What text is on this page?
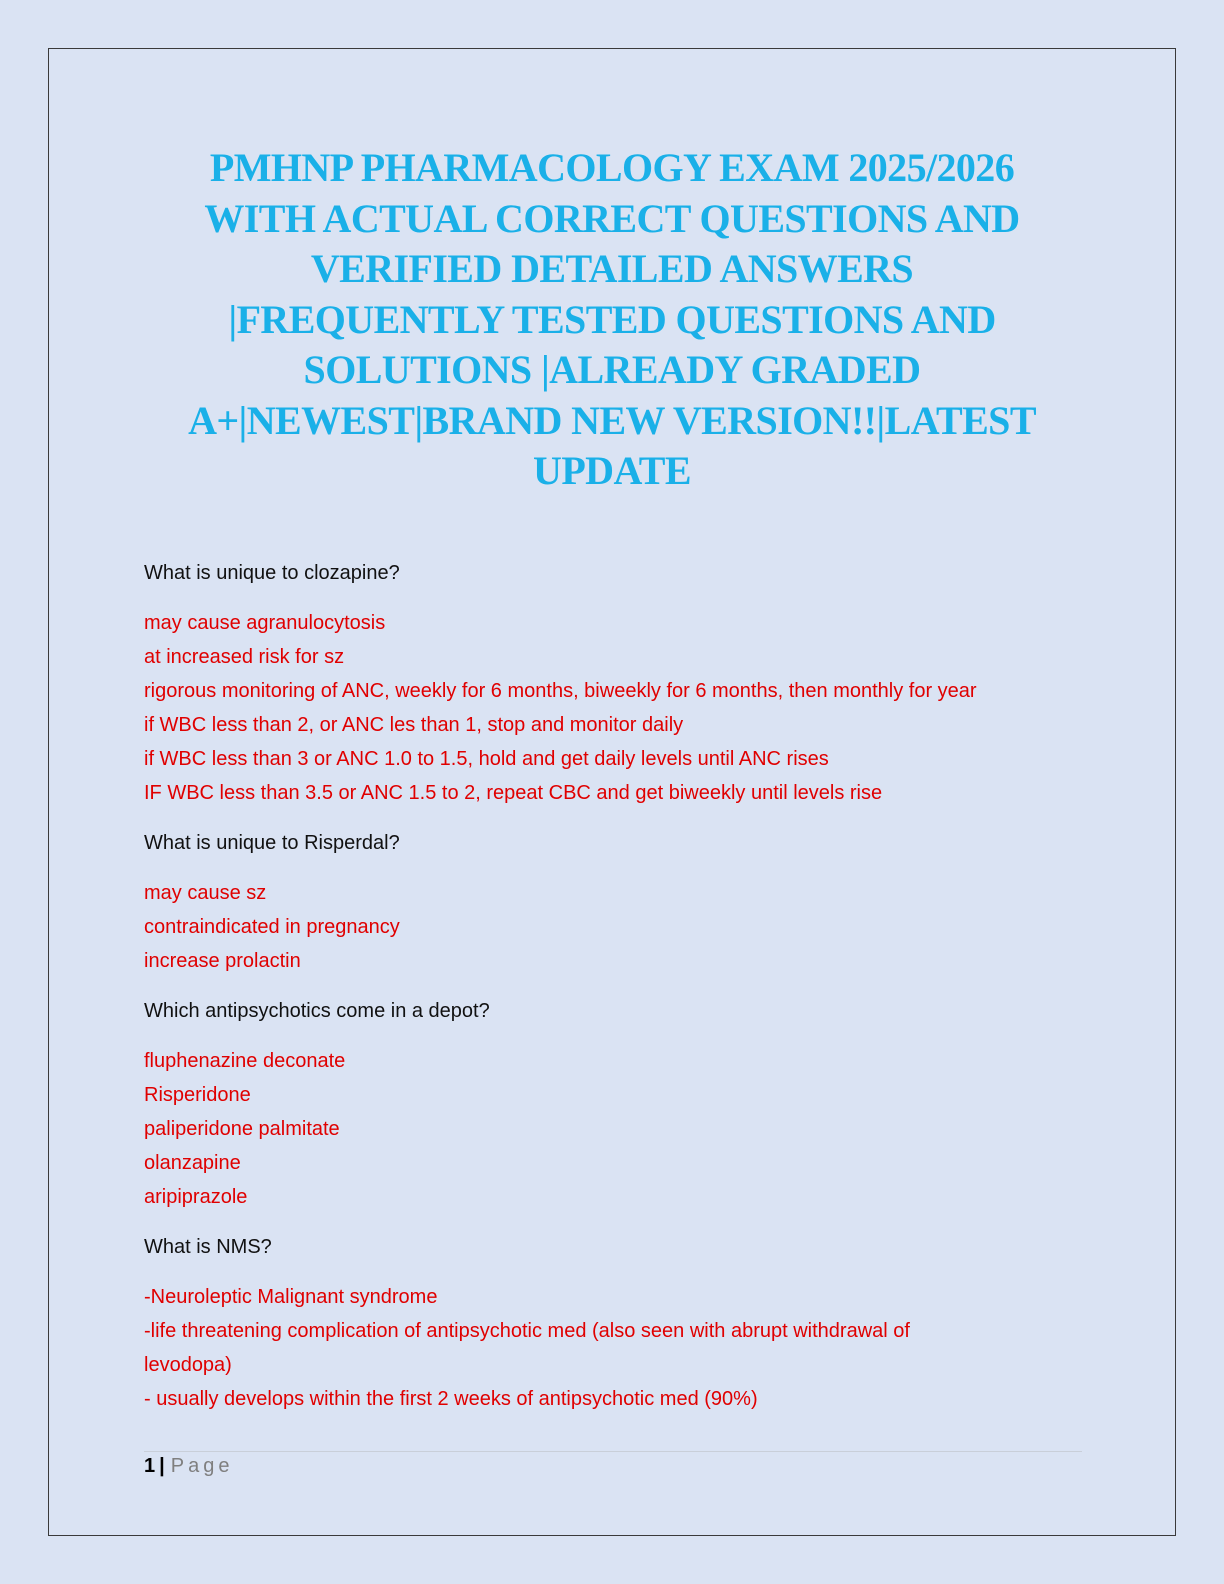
PMHNP PHARMACOLOGY EXAM 2025/2026
WITH ACTUAL CORRECT QUESTIONS AND
VERIFIED DETAILED ANSWERS
|FREQUENTLY TESTED QUESTIONS AND
SOLUTIONS |ALREADY GRADED
A+|NEWEST|BRAND NEW VERSION!!|LATEST
UPDATE
What is unique to clozapine?
may cause agranulocytosis
at increased risk for sz
rigorous monitoring of ANC, weekly for 6 months, biweekly for 6 months, then monthly for year
if WBC less than 2, or ANC les than 1, stop and monitor daily
if WBC less than 3 or ANC 1.0 to 1.5, hold and get daily levels until ANC rises
IF WBC less than 3.5 or ANC 1.5 to 2, repeat CBC and get biweekly until levels rise
What is unique to Risperdal?
may cause sz
contraindicated in pregnancy
increase prolactin
Which antipsychotics come in a depot?
fluphenazine deconate
Risperidone
paliperidone palmitate
olanzapine
aripiprazole
What is NMS?
-Neuroleptic Malignant syndrome
-life threatening complication of antipsychotic med (also seen with abrupt withdrawal of
levodopa)
- usually develops within the first 2 weeks of antipsychotic med (90%)
1 | Page
